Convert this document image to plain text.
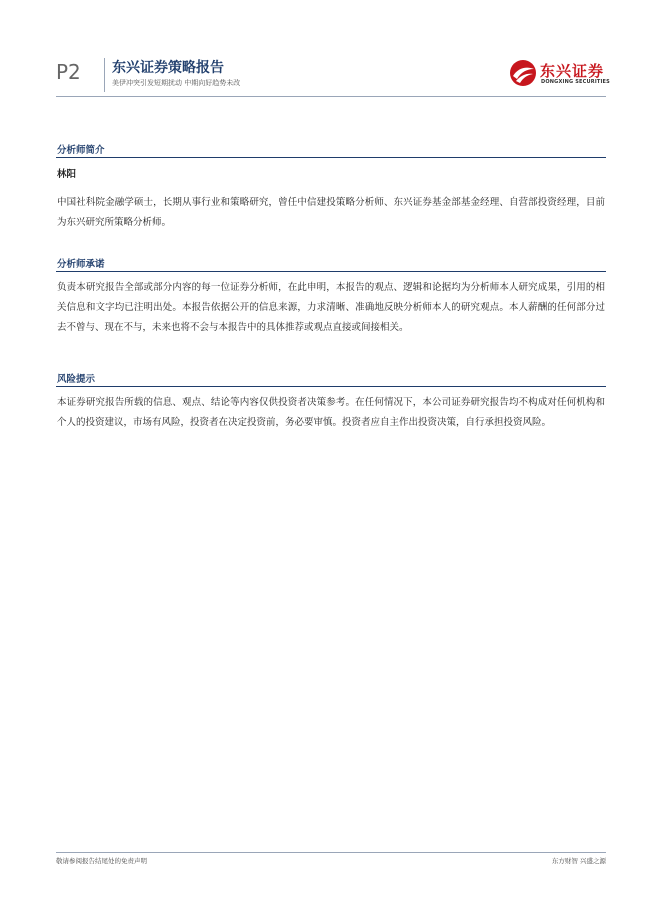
P2 东兴证券策略报告
美伊冲突引发短期扰动 中期向好趋势未改
东兴证券
DONGXING SECURITIES
分析师简介
林阳
中国社科院金融学硕士，长期从事行业和策略研究，曾任中信建投策略分析师、东兴证券基金部基金经理、自营部投资经理，目前为东兴研究所策略分析师。
分析师承诺
负责本研究报告全部或部分内容的每一位证券分析师，在此申明，本报告的观点、逻辑和论据均为分析师本人研究成果，引用的相关信息和文字均已注明出处。本报告依据公开的信息来源，力求清晰、准确地反映分析师本人的研究观点。本人薪酬的任何部分过去不曾与、现在不与，未来也将不会与本报告中的具体推荐或观点直接或间接相关。
风险提示
本证券研究报告所载的信息、观点、结论等内容仅供投资者决策参考。在任何情况下，本公司证券研究报告均不构成对任何机构和个人的投资建议，市场有风险，投资者在决定投资前，务必要审慎。投资者应自主作出投资决策，自行承担投资风险。
敬请参阅报告结尾处的免责声明	东方财智 兴盛之源
